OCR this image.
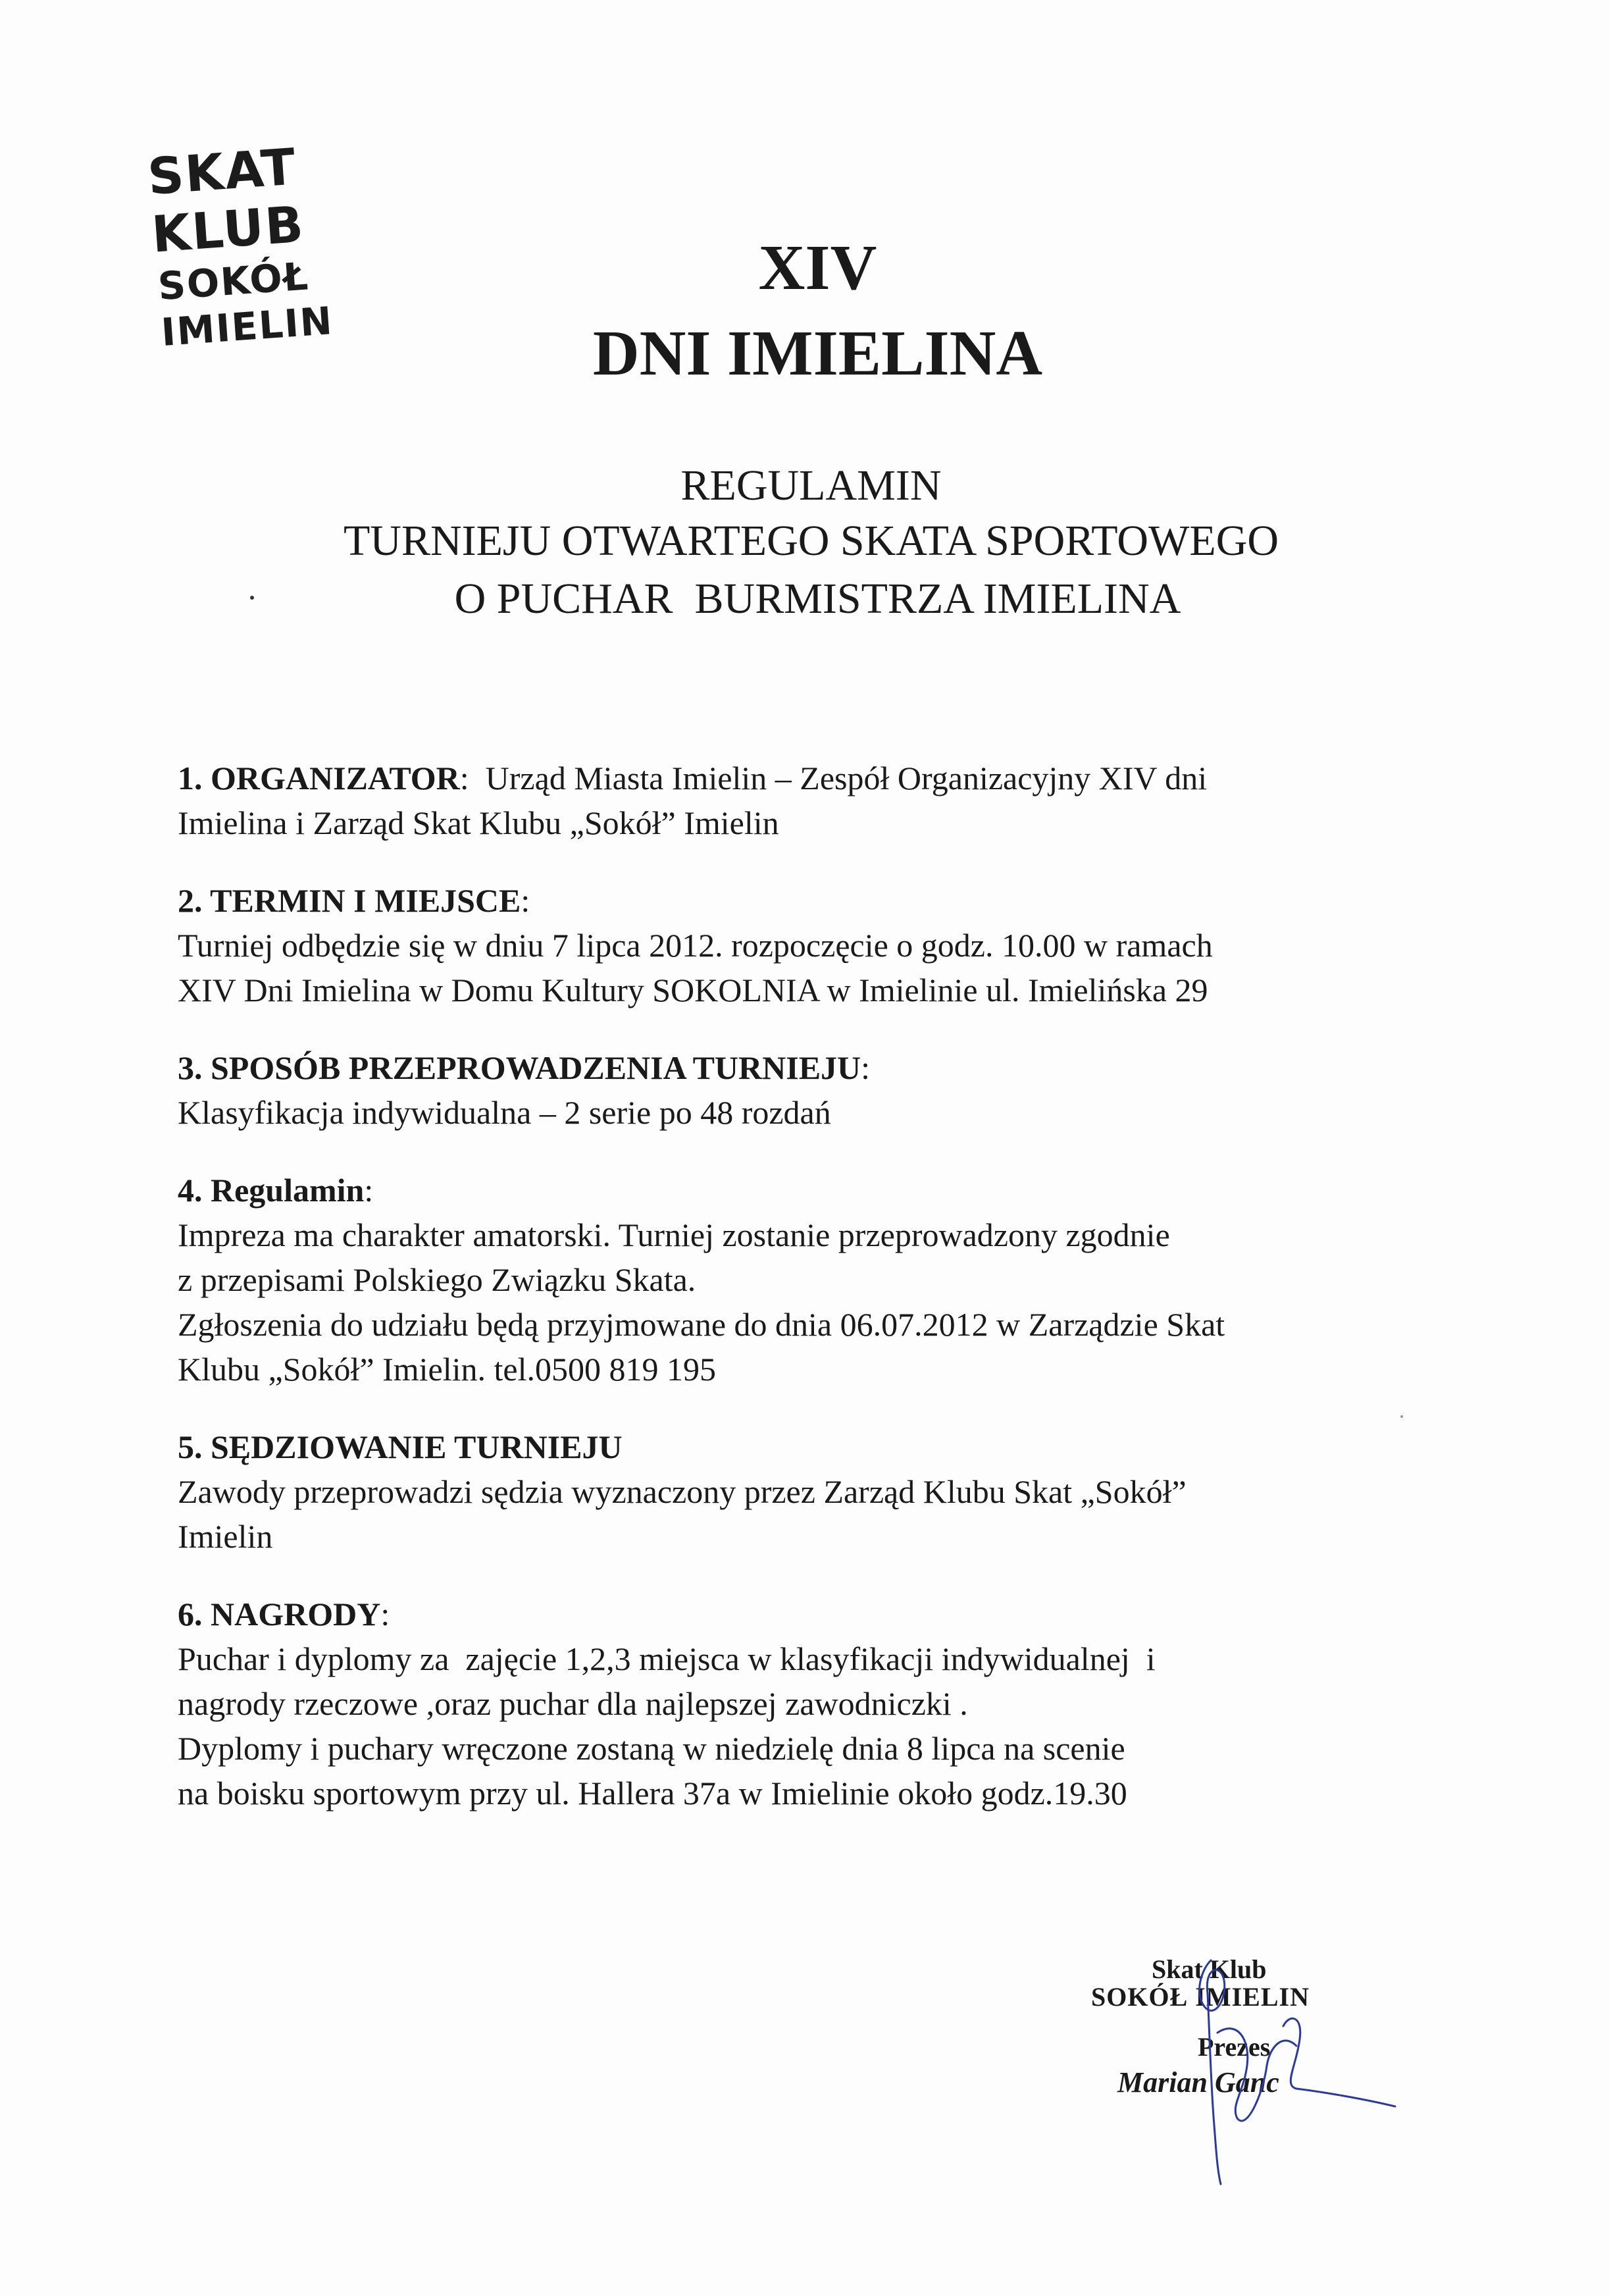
SKAT KLUB
SOKÓŁ IMIELIN
XIV
DNI IMIELINA
REGULAMIN
TURNIEJU OTWARTEGO SKATA SPORTOWEGO
O PUCHAR  BURMISTRZA IMIELINA
1. ORGANIZATOR:  Urząd Miasta Imielin – Zespół Organizacyjny XIV dni
Imielina i Zarząd Skat Klubu „Sokół” Imielin
2. TERMIN I MIEJSCE:
Turniej odbędzie się w dniu 7 lipca 2012. rozpoczęcie o godz. 10.00 w ramach
XIV Dni Imielina w Domu Kultury SOKOLNIA w Imielinie ul. Imielińska 29
3. SPOSÓB PRZEPROWADZENIA TURNIEJU:
Klasyfikacja indywidualna – 2 serie po 48 rozdań
4. Regulamin:
Impreza ma charakter amatorski. Turniej zostanie przeprowadzony zgodnie
z przepisami Polskiego Związku Skata.
Zgłoszenia do udziału będą przyjmowane do dnia 06.07.2012 w Zarządzie Skat
Klubu „Sokół” Imielin. tel.0500 819 195
5. SĘDZIOWANIE TURNIEJU
Zawody przeprowadzi sędzia wyznaczony przez Zarząd Klubu Skat „Sokół”
Imielin
6. NAGRODY:
Puchar i dyplomy za  zajęcie 1,2,3 miejsca w klasyfikacji indywidualnej  i
nagrody rzeczowe ,oraz puchar dla najlepszej zawodniczki .
Dyplomy i puchary wręczone zostaną w niedzielę dnia 8 lipca na scenie
na boisku sportowym przy ul. Hallera 37a w Imielinie około godz.19.30
Skat Klub
SOKÓŁ IMIELIN
Prezes
Marian Ganc
